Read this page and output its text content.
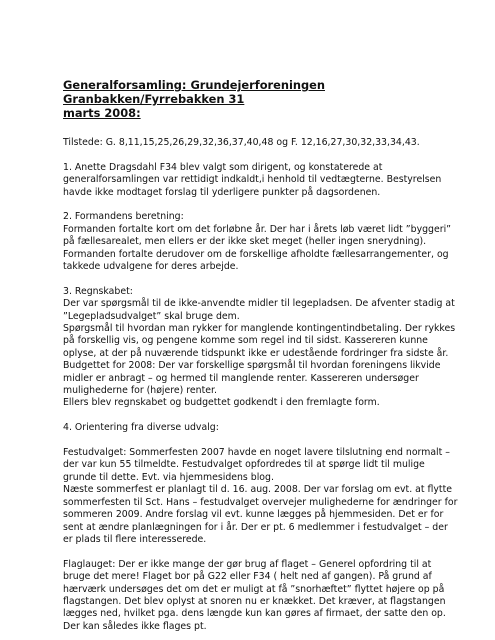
Generalforsamling: Grundejerforeningen Granbakken/Fyrrebakken 31
marts 2008:
Tilstede: G. 8,11,15,25,26,29,32,36,37,40,48 og F. 12,16,27,30,32,33,34,43.
1. Anette Dragsdahl F34 blev valgt som dirigent, og konstaterede at
generalforsamlingen var rettidigt indkaldt,i henhold til vedtægterne. Bestyrelsen
havde ikke modtaget forslag til yderligere punkter på dagsordenen.
2. Formandens beretning:
Formanden fortalte kort om det forløbne år. Der har i årets løb været lidt ”byggeri”
på fællesarealet, men ellers er der ikke sket meget (heller ingen snerydning).
Formanden fortalte derudover om de forskellige afholdte fællesarrangementer, og
takkede udvalgene for deres arbejde.
3. Regnskabet:
Der var spørgsmål til de ikke-anvendte midler til legepladsen. De afventer stadig at
”Legepladsudvalget” skal bruge dem.
Spørgsmål til hvordan man rykker for manglende kontingentindbetaling. Der rykkes
på forskellig vis, og pengene komme som regel ind til sidst. Kassereren kunne
oplyse, at der på nuværende tidspunkt ikke er udestående fordringer fra sidste år.
Budgettet for 2008: Der var forskellige spørgsmål til hvordan foreningens likvide
midler er anbragt – og hermed til manglende renter. Kassereren undersøger
mulighederne for (højere) renter.
Ellers blev regnskabet og budgettet godkendt i den fremlagte form.
4. Orientering fra diverse udvalg:
Festudvalget: Sommerfesten 2007 havde en noget lavere tilslutning end normalt –
der var kun 55 tilmeldte. Festudvalget opfordredes til at spørge lidt til mulige
grunde til dette. Evt. via hjemmesidens blog.
Næste sommerfest er planlagt til d. 16. aug. 2008. Der var forslag om evt. at flytte
sommerfesten til Sct. Hans – festudvalget overvejer mulighederne for ændringer for
sommeren 2009. Andre forslag vil evt. kunne lægges på hjemmesiden. Det er for
sent at ændre planlægningen for i år. Der er pt. 6 medlemmer i festudvalget – der
er plads til flere interesserede.
Flaglauget: Der er ikke mange der gør brug af flaget – Generel opfordring til at
bruge det mere! Flaget bor på G22 eller F34 ( helt ned af gangen). På grund af
hærværk undersøges det om det er muligt at få ”snorhæftet” flyttet højere op på
flagstangen. Det blev oplyst at snoren nu er knækket. Det kræver, at flagstangen
lægges ned, hvilket pga. dens længde kun kan gøres af firmaet, der satte den op.
Der kan således ikke flages pt.
